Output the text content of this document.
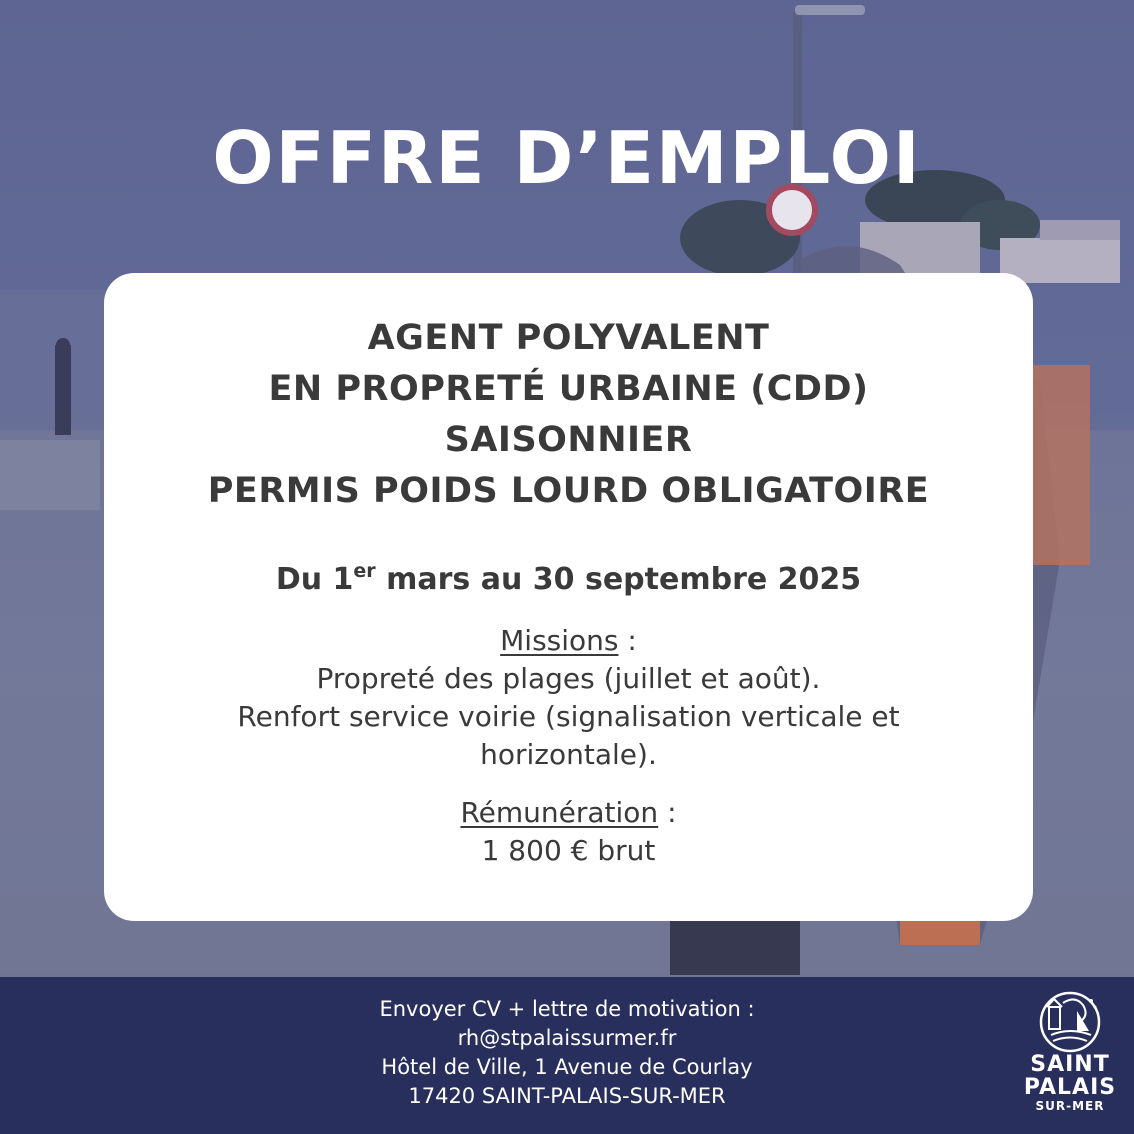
OFFRE D’EMPLOI
AGENT POLYVALENT
EN PROPRETÉ URBAINE (CDD)
SAISONNIER
PERMIS POIDS LOURD OBLIGATOIRE
Du 1er mars au 30 septembre 2025
Missions :
Propreté des plages (juillet et août).
Renfort service voirie (signalisation verticale et
horizontale).
Rémunération :
1 800 € brut
Envoyer CV + lettre de motivation :
rh@stpalaissurmer.fr
Hôtel de Ville, 1 Avenue de Courlay
17420 SAINT-PALAIS-SUR-MER
SAINT
PALAIS
SUR-MER
